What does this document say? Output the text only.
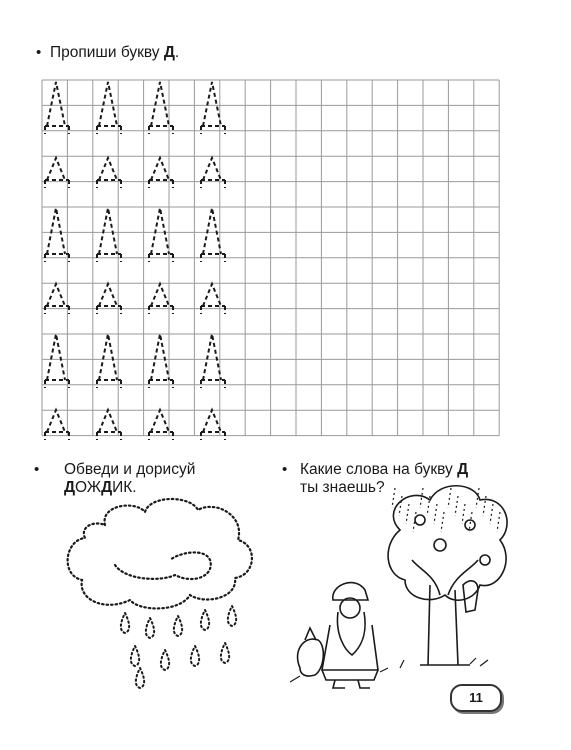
• Пропиши букву Д.
• Обведи и дорисуй
ДОЖДИК.
• Какие слова на букву Д
ты знаешь?
11
